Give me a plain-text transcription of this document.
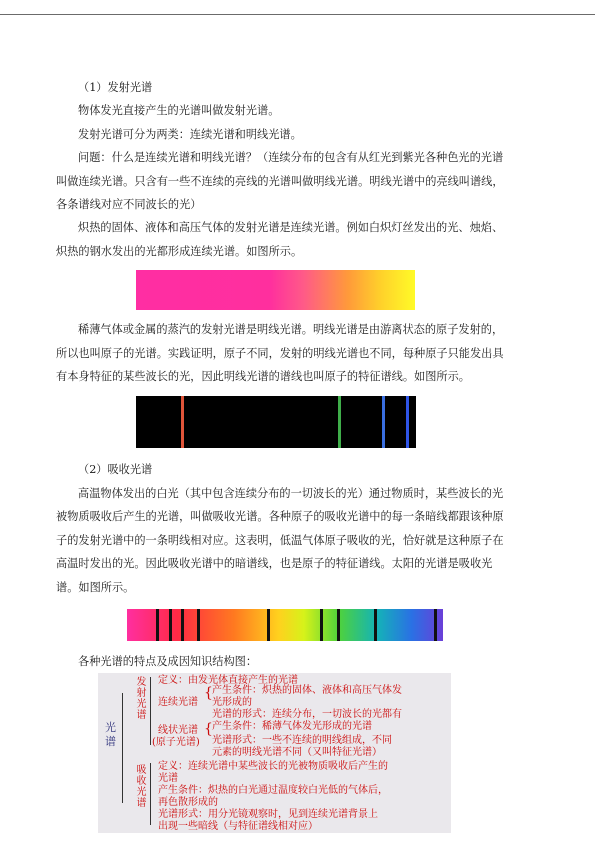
（1）发射光谱

物体发光直接产生的光谱叫做发射光谱。

发射光谱可分为两类：连续光谱和明线光谱。

问题：什么是连续光谱和明线光谱？（连续分布的包含有从红光到紫光各种色光的光谱

叫做连续光谱。只含有一些不连续的亮线的光谱叫做明线光谱。明线光谱中的亮线叫谱线，

各条谱线对应不同波长的光）

炽热的固体、液体和高压气体的发射光谱是连续光谱。例如白炽灯丝发出的光、烛焰、

炽热的钢水发出的光都形成连续光谱。如图所示。

稀薄气体或金属的蒸汽的发射光谱是明线光谱。明线光谱是由游离状态的原子发射的，

所以也叫原子的光谱。实践证明，原子不同，发射的明线光谱也不同，每种原子只能发出具

有本身特征的某些波长的光，因此明线光谱的谱线也叫原子的特征谱线。如图所示。

（2）吸收光谱

高温物体发出的白光（其中包含连续分布的一切波长的光）通过物质时，某些波长的光

被物质吸收后产生的光谱，叫做吸收光谱。各种原子的吸收光谱中的每一条暗线都跟该种原

子的发射光谱中的一条明线相对应。这表明，低温气体原子吸收的光，恰好就是这种原子在

高温时发出的光。因此吸收光谱中的暗谱线，也是原子的特征谱线。太阳的光谱是吸收光

谱。如图所示。

各种光谱的特点及成因知识结构图：

光谱
发射光谱
定义：由发光体直接产生的光谱
连续光谱
{ 产生条件：炽热的固体、液体和高压气体发
光形成的
光谱的形式：连续分布，一切波长的光都有
线状光谱
(原子光谱)
{ 产生条件：稀薄气体发光形成的光谱
光谱形式：一些不连续的明线组成，不同
元素的明线光谱不同（又叫特征光谱）
吸收光谱
定义：连续光谱中某些波长的光被物质吸收后产生的
光谱
产生条件：炽热的白光通过温度较白光低的气体后，
再色散形成的
光谱形式：用分光镜观察时，见到连续光谱背景上
出现一些暗线（与特征谱线相对应）
